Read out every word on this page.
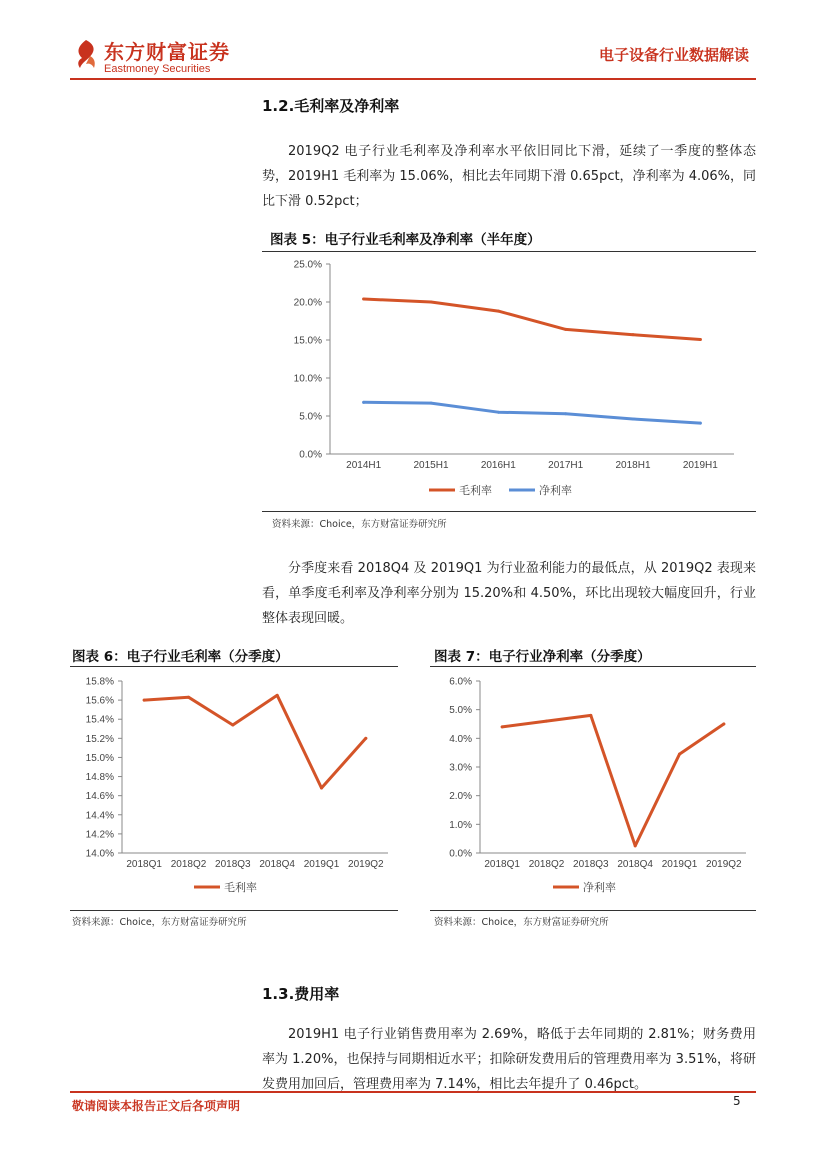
东方财富证券
Eastmoney Securities
电子设备行业数据解读
1.2.毛利率及净利率

2019Q2 电子行业毛利率及净利率水平依旧同比下滑，延续了一季度的整体态势，2019H1 毛利率为 15.06%，相比去年同期下滑 0.65pct，净利率为 4.06%，同比下滑 0.52pct；

图表 5：电子行业毛利率及净利率（半年度）
25.0%
20.0%
15.0%
10.0%
5.0%
0.0%
2014H1	2015H1	2016H1	2017H1	2018H1	2019H1
毛利率	净利率
资料来源：Choice，东方财富证券研究所

分季度来看 2018Q4 及 2019Q1 为行业盈利能力的最低点，从 2019Q2 表现来看，单季度毛利率及净利率分别为 15.20%和 4.50%，环比出现较大幅度回升，行业整体表现回暖。

图表 6：电子行业毛利率（分季度）
15.8%
15.6%
15.4%
15.2%
15.0%
14.8%
14.6%
14.4%
14.2%
14.0%
2018Q1 2018Q2 2018Q3 2018Q4 2019Q1 2019Q2
毛利率
资料来源：Choice，东方财富证券研究所
图表 7：电子行业净利率（分季度）
6.0%
5.0%
4.0%
3.0%
2.0%
1.0%
0.0%
2018Q1 2018Q2 2018Q3 2018Q4 2019Q1 2019Q2
净利率
资料来源：Choice，东方财富证券研究所
1.3.费用率

2019H1 电子行业销售费用率为 2.69%，略低于去年同期的 2.81%；财务费用率为 1.20%，也保持与同期相近水平；扣除研发费用后的管理费用率为 3.51%，将研发费用加回后，管理费用率为 7.14%，相比去年提升了 0.46pct。

敬请阅读本报告正文后各项声明	5
